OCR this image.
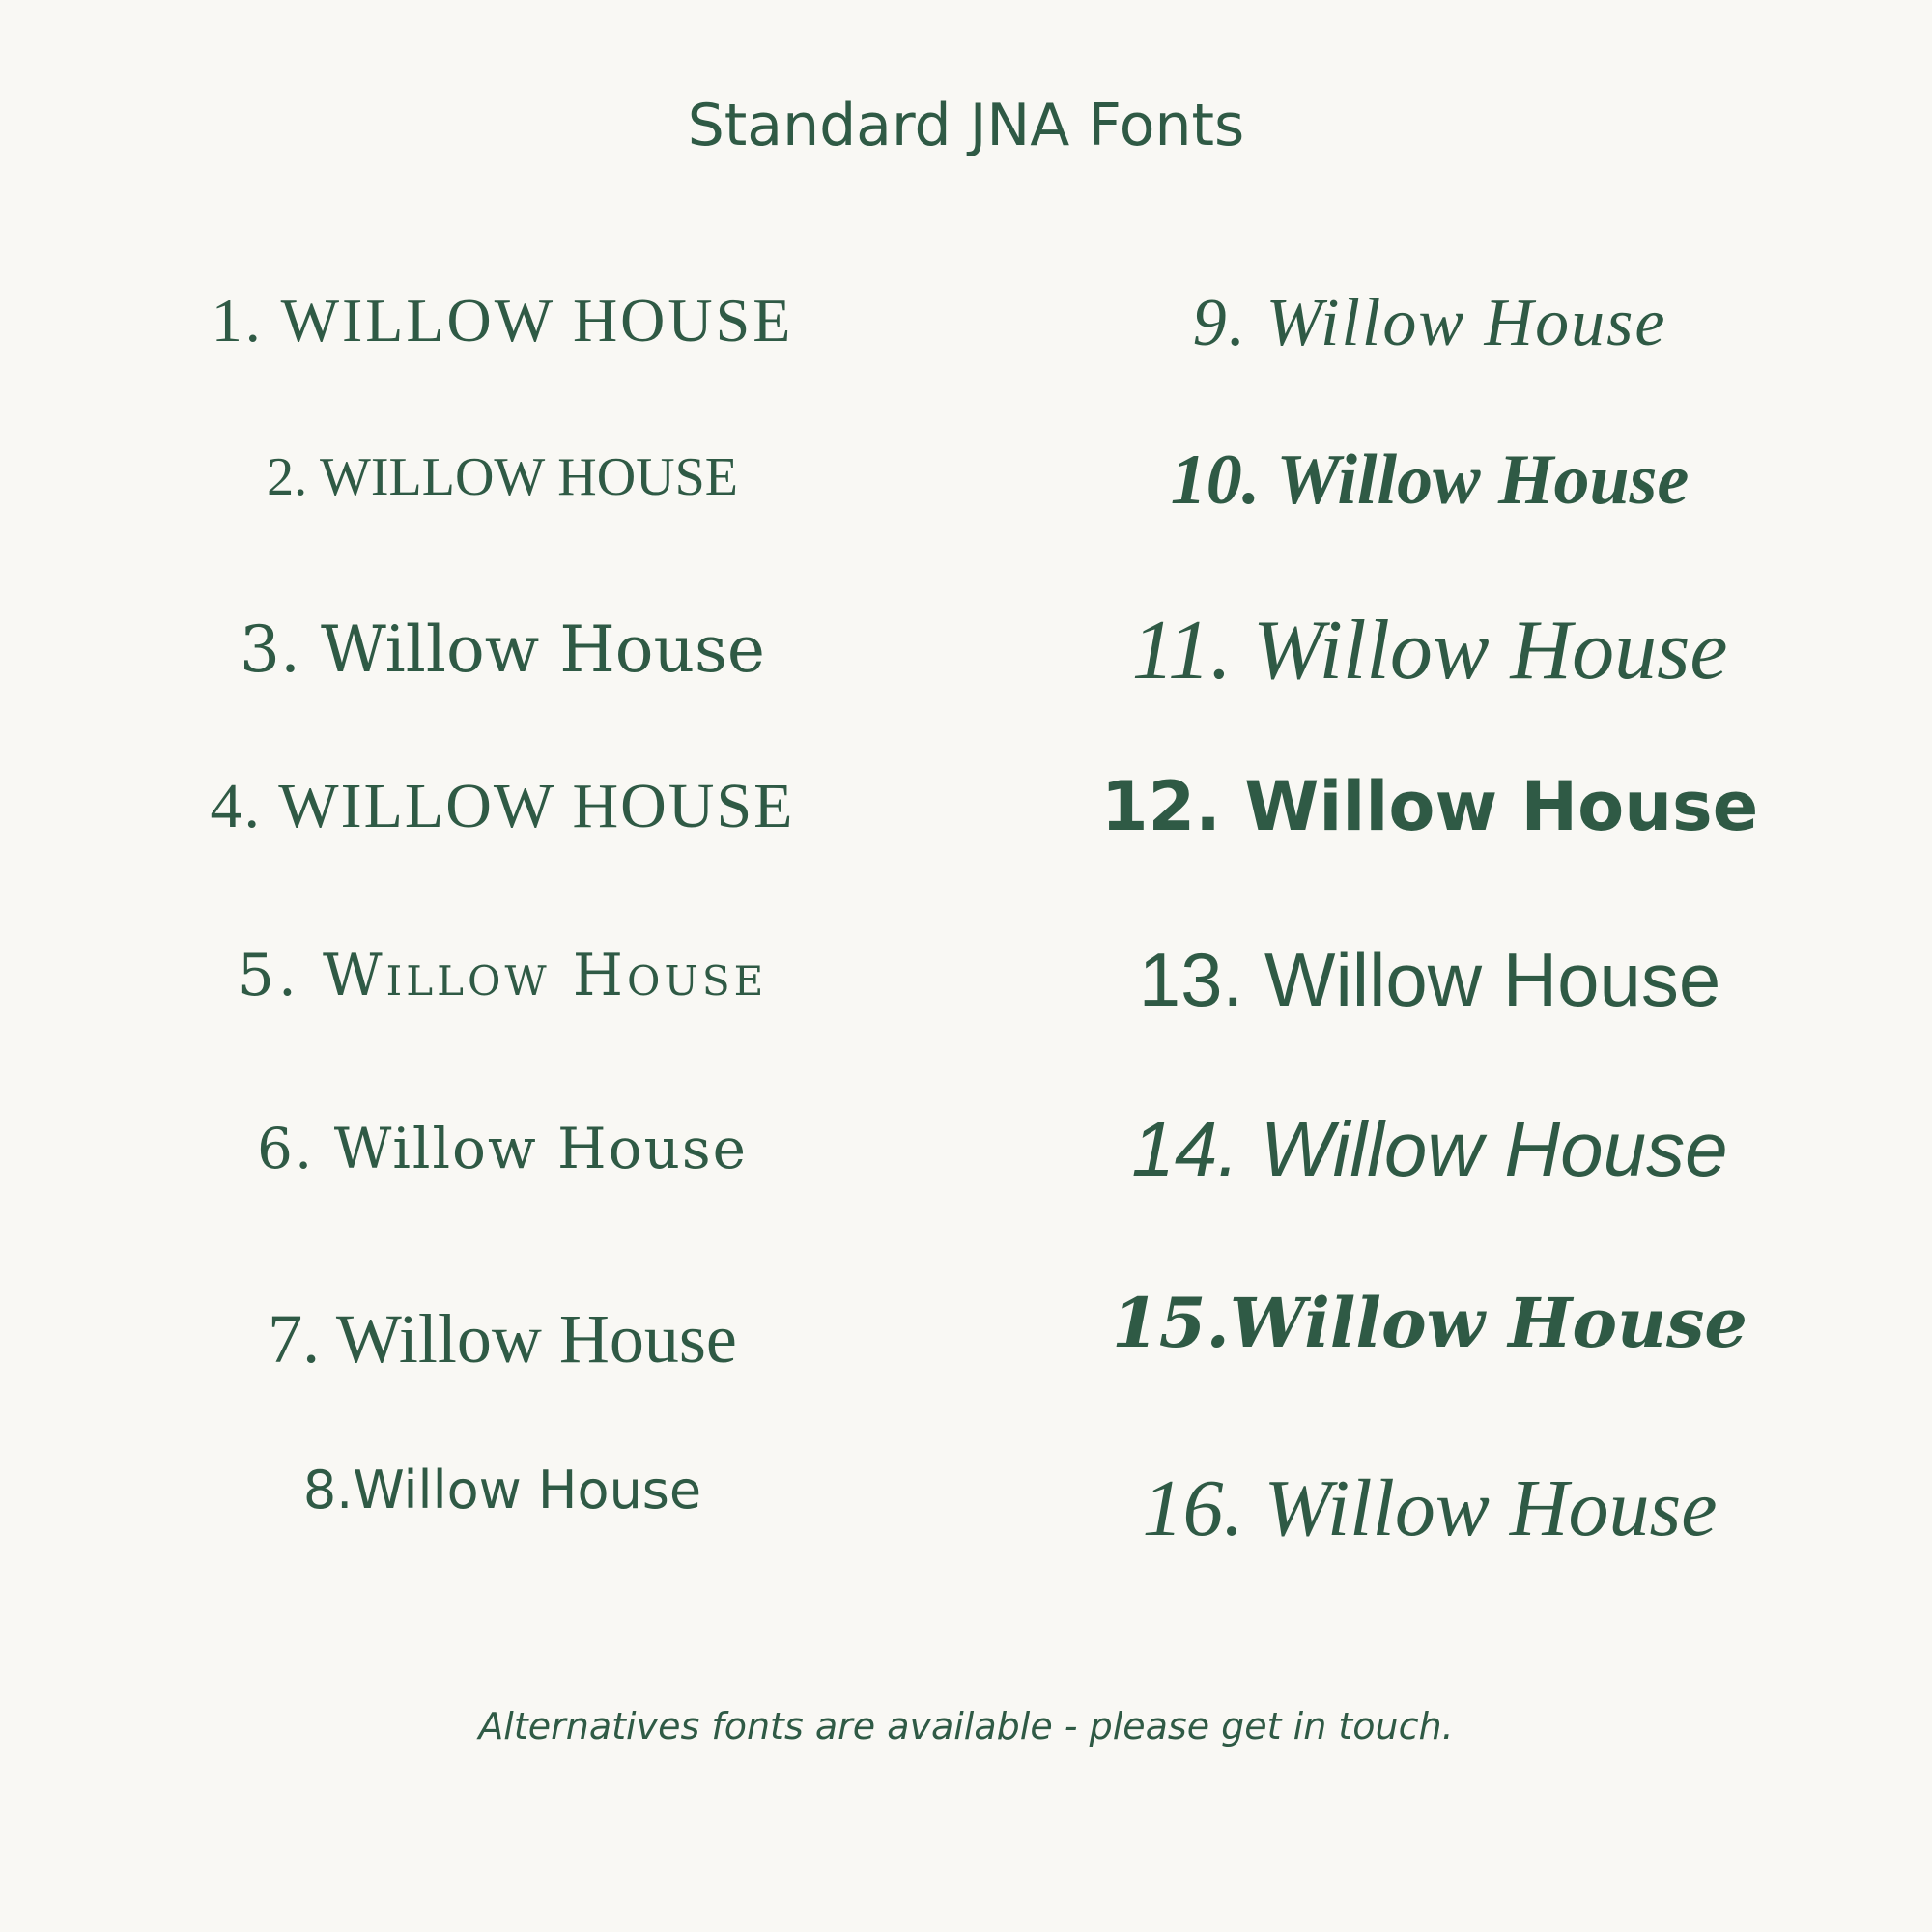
Standard JNA Fonts
1. WILLOW HOUSE
2. WILLOW HOUSE
3. Willow House
4. WILLOW HOUSE
5. Willow House
6. Willow House
7. Willow House
8.Willow House
9. Willow House
10. Willow House
11. Willow House
12. Willow House
13. Willow House
14. Willow House
15.Willow House
16. Willow House
Alternatives fonts are available - please get in touch.
